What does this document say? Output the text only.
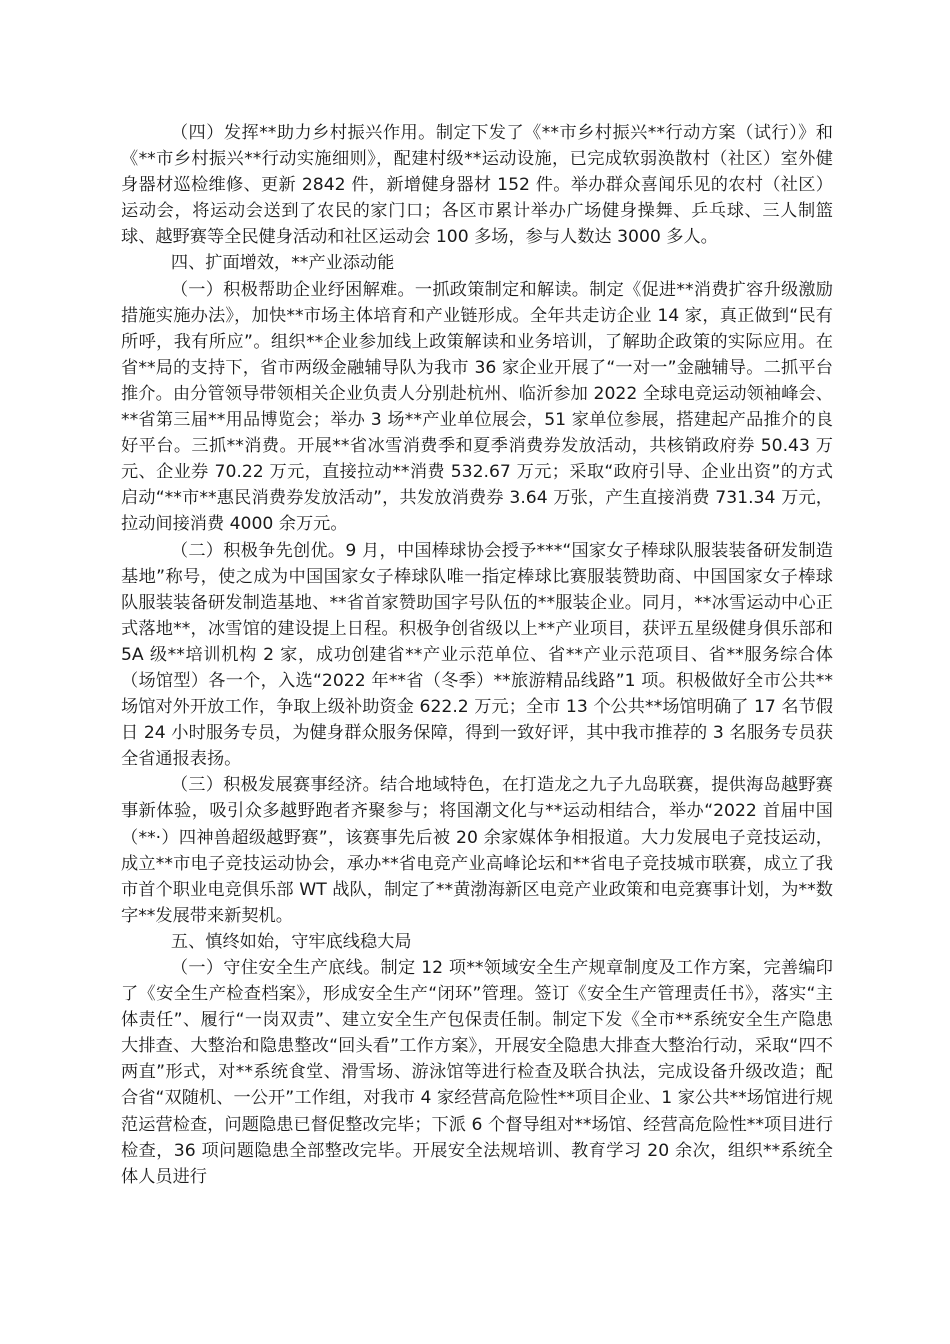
（四）发挥**助力乡村振兴作用。制定下发了《**市乡村振兴**行动方案（试行）》和《**市乡村振兴**行动实施细则》，配建村级**运动设施，已完成软弱涣散村（社区）室外健身器材巡检维修、更新 2842 件，新增健身器材 152 件。举办群众喜闻乐见的农村（社区）运动会，将运动会送到了农民的家门口；各区市累计举办广场健身操舞、乒乓球、三人制篮球、越野赛等全民健身活动和社区运动会 100 多场，参与人数达 3000 多人。

四、扩面增效，**产业添动能

（一）积极帮助企业纾困解难。一抓政策制定和解读。制定《促进**消费扩容升级激励措施实施办法》，加快**市场主体培育和产业链形成。全年共走访企业 14 家，真正做到“民有所呼，我有所应”。组织**企业参加线上政策解读和业务培训，了解助企政策的实际应用。在省**局的支持下，省市两级金融辅导队为我市 36 家企业开展了“一对一”金融辅导。二抓平台推介。由分管领导带领相关企业负责人分别赴杭州、临沂参加 2022 全球电竞运动领袖峰会、**省第三届**用品博览会；举办 3 场**产业单位展会，51 家单位参展，搭建起产品推介的良好平台。三抓**消费。开展**省冰雪消费季和夏季消费券发放活动，共核销政府券 50.43 万元、企业券 70.22 万元，直接拉动**消费 532.67 万元；采取“政府引导、企业出资”的方式启动“**市**惠民消费券发放活动”，共发放消费券 3.64 万张，产生直接消费 731.34 万元，拉动间接消费 4000 余万元。

（二）积极争先创优。9 月，中国棒球协会授予***“国家女子棒球队服装装备研发制造基地”称号，使之成为中国国家女子棒球队唯一指定棒球比赛服装赞助商、中国国家女子棒球队服装装备研发制造基地、**省首家赞助国字号队伍的**服装企业。同月，**冰雪运动中心正式落地**，冰雪馆的建设提上日程。积极争创省级以上**产业项目，获评五星级健身俱乐部和 5A 级**培训机构 2 家，成功创建省**产业示范单位、省**产业示范项目、省**服务综合体（场馆型）各一个，入选“2022 年**省（冬季）**旅游精品线路”1 项。积极做好全市公共**场馆对外开放工作，争取上级补助资金 622.2 万元；全市 13 个公共**场馆明确了 17 名节假日 24 小时服务专员，为健身群众服务保障，得到一致好评，其中我市推荐的 3 名服务专员获全省通报表扬。

（三）积极发展赛事经济。结合地域特色，在打造龙之九子九岛联赛，提供海岛越野赛事新体验，吸引众多越野跑者齐聚参与；将国潮文化与**运动相结合，举办“2022 首届中国（**·）四神兽超级越野赛”，该赛事先后被 20 余家媒体争相报道。大力发展电子竞技运动，成立**市电子竞技运动协会，承办**省电竞产业高峰论坛和**省电子竞技城市联赛，成立了我市首个职业电竞俱乐部 WT 战队，制定了**黄渤海新区电竞产业政策和电竞赛事计划，为**数字**发展带来新契机。

五、慎终如始，守牢底线稳大局

（一）守住安全生产底线。制定 12 项**领域安全生产规章制度及工作方案，完善编印了《安全生产检查档案》，形成安全生产“闭环”管理。签订《安全生产管理责任书》，落实“主体责任”、履行“一岗双责”、建立安全生产包保责任制。制定下发《全市**系统安全生产隐患大排查、大整治和隐患整改“回头看”工作方案》，开展安全隐患大排查大整治行动，采取“四不两直”形式，对**系统食堂、滑雪场、游泳馆等进行检查及联合执法，完成设备升级改造；配合省“双随机、一公开”工作组，对我市 4 家经营高危险性**项目企业、1 家公共**场馆进行规范运营检查，问题隐患已督促整改完毕；下派 6 个督导组对**场馆、经营高危险性**项目进行检查，36 项问题隐患全部整改完毕。开展安全法规培训、教育学习 20 余次，组织**系统全体人员进行
